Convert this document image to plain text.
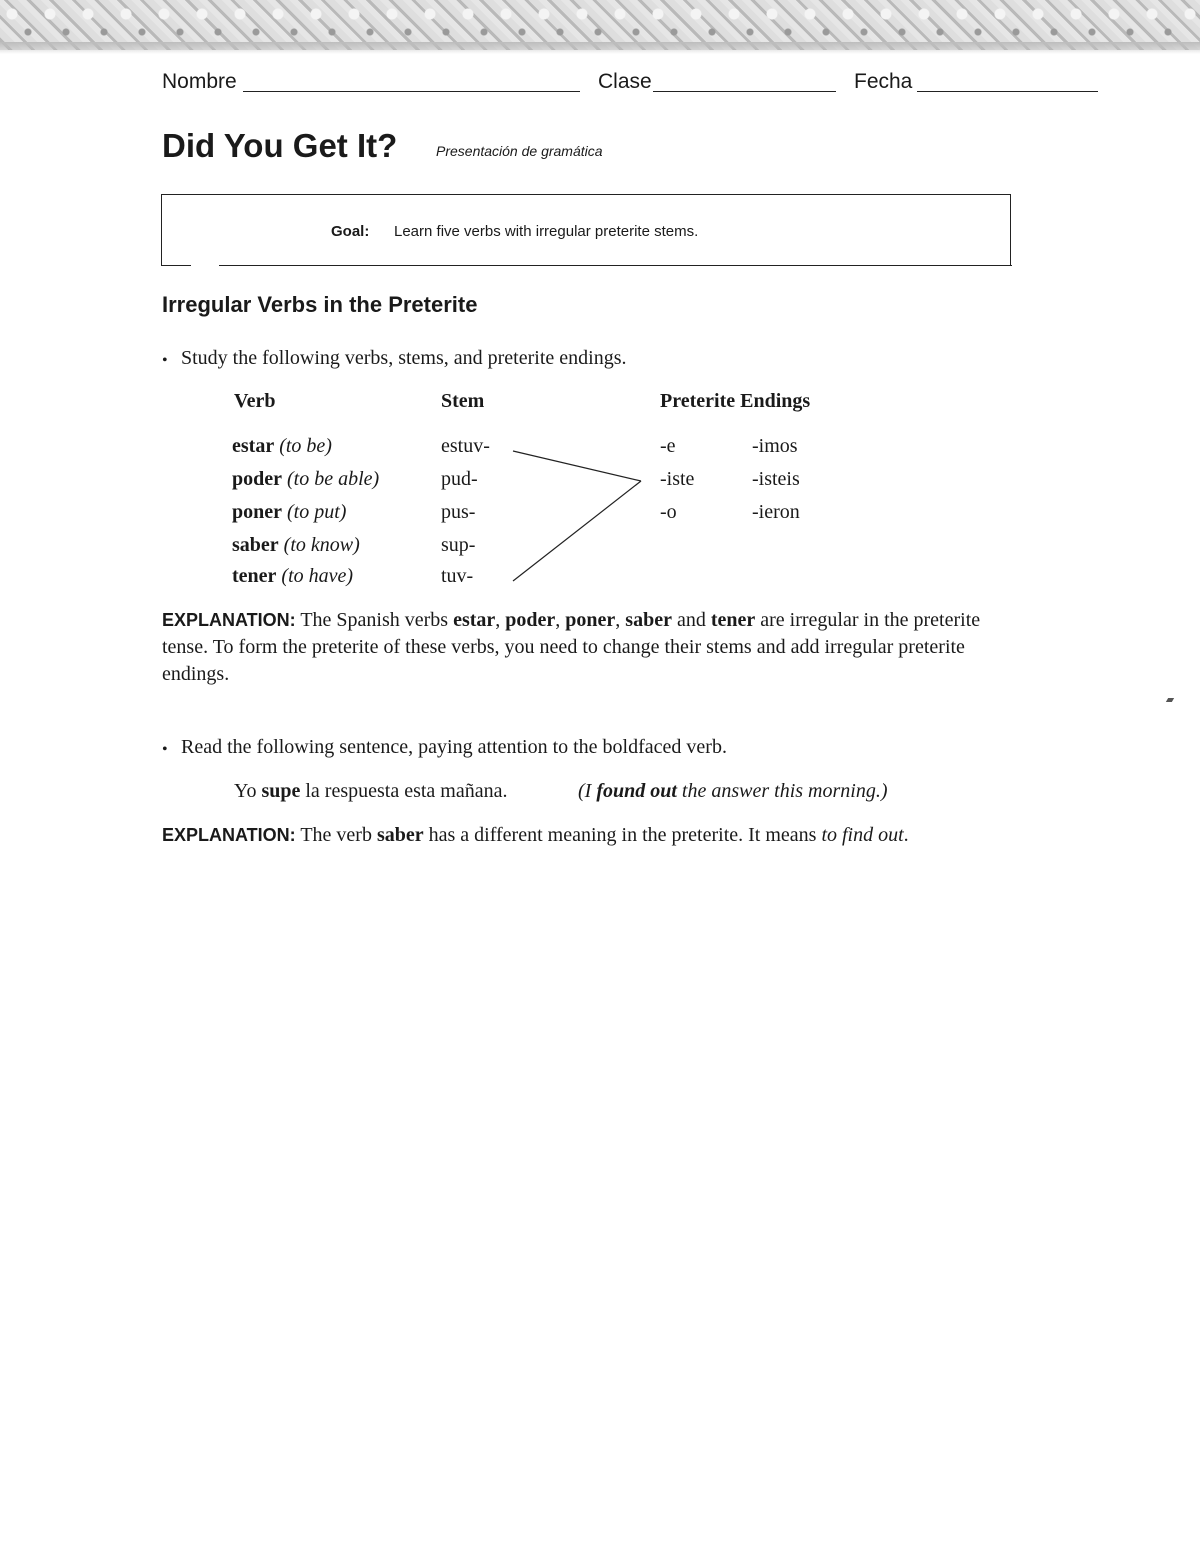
Nombre	Clase	Fecha
Did You Get It?	Presentación de gramática
Goal: Learn five verbs with irregular preterite stems.
Irregular Verbs in the Preterite
• Study the following verbs, stems, and preterite endings.
Verb	Stem	Preterite Endings
estar (to be)	estuv-
poder (to be able)	pud-
poner (to put)	pus-
saber (to know)	sup-
tener (to have)	tuv-
-e	-imos
-iste	-isteis
-o	-ieron
EXPLANATION: The Spanish verbs estar, poder, poner, saber and tener are irregular in the preterite tense. To form the preterite of these verbs, you need to change their stems and add irregular preterite endings.
• Read the following sentence, paying attention to the boldfaced verb.
Yo supe la respuesta esta mañana.	(I found out the answer this morning.)
EXPLANATION: The verb saber has a different meaning in the preterite. It means to find out.
